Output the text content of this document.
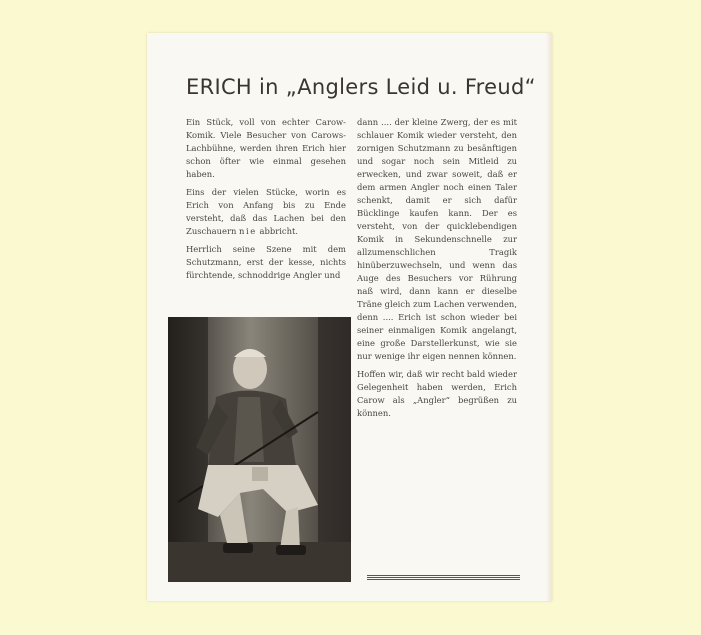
ERICH in „Anglers Leid u. Freud“

Ein Stück, voll von echter Carow-Komik. Viele Besucher von Carows-Lachbühne, werden ihren Erich hier schon öfter wie einmal gesehen haben.

Eins der vielen Stücke, worin es Erich von Anfang bis zu Ende versteht, daß das Lachen bei den Zuschauern nie abbricht.

Herrlich seine Szene mit dem Schutzmann, erst der kesse, nichts fürchtende, schnoddrige Angler und

dann .... der kleine Zwerg, der es mit schlauer Komik wieder versteht, den zornigen Schutzmann zu besänftigen und sogar noch sein Mitleid zu erwecken, und zwar soweit, daß er dem armen Angler noch einen Taler schenkt, damit er sich dafür Bücklinge kaufen kann. Der es versteht, von der quicklebendigen Komik in Sekundenschnelle zur allzumenschlichen Tragik hinüberzuwechseln, und wenn das Auge des Besuchers vor Rührung naß wird, dann kann er dieselbe Träne gleich zum Lachen verwenden, denn .... Erich ist schon wieder bei seiner einmaligen Komik angelangt, eine große Darstellerkunst, wie sie nur wenige ihr eigen nennen können.

Hoffen wir, daß wir recht bald wieder Gelegenheit haben werden, Erich Carow als „Angler“ begrüßen zu können.
